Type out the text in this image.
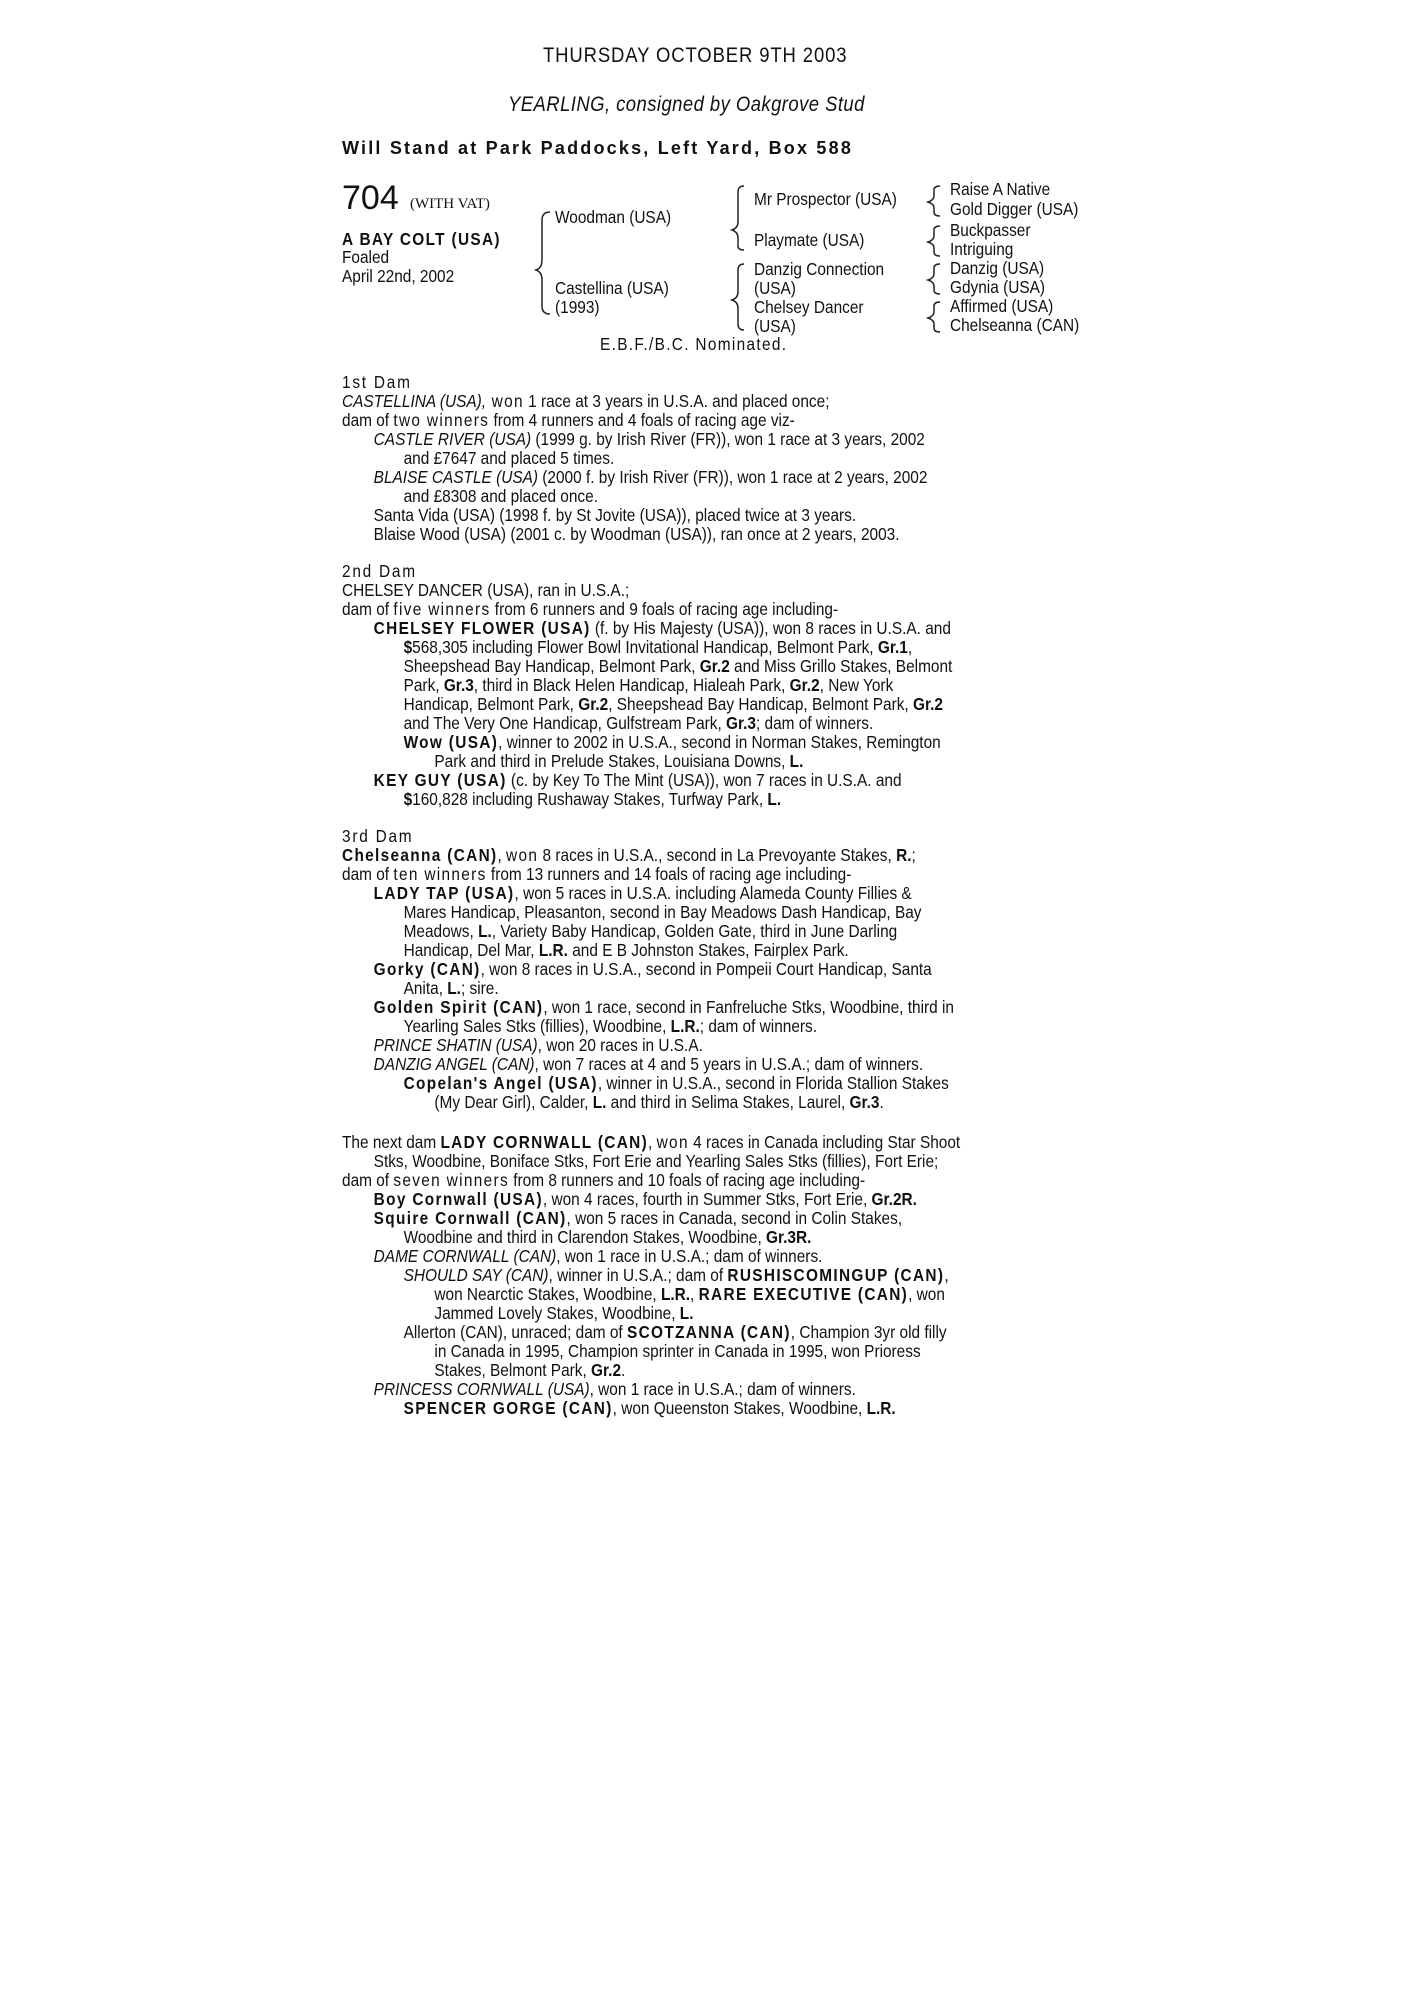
THURSDAY OCTOBER 9TH 2003
YEARLING, consigned by Oakgrove Stud
Will Stand at Park Paddocks, Left Yard, Box 588
704 (WITH VAT)
A BAY COLT (USA)
Foaled
April 22nd, 2002
Woodman (USA)
Castellina (USA)
(1993)
Mr Prospector (USA)
Playmate (USA)
Danzig Connection
(USA)
Chelsey Dancer
(USA)
Raise A Native
Gold Digger (USA)
Buckpasser
Intriguing
Danzig (USA)
Gdynia (USA)
Affirmed (USA)
Chelseanna (CAN)
E.B.F./B.C. Nominated.
1st Dam
CASTELLINA (USA), won 1 race at 3 years in U.S.A. and placed once;
dam of two winners from 4 runners and 4 foals of racing age viz-
CASTLE RIVER (USA) (1999 g. by Irish River (FR)), won 1 race at 3 years, 2002
and £7647 and placed 5 times.
BLAISE CASTLE (USA) (2000 f. by Irish River (FR)), won 1 race at 2 years, 2002
and £8308 and placed once.
Santa Vida (USA) (1998 f. by St Jovite (USA)), placed twice at 3 years.
Blaise Wood (USA) (2001 c. by Woodman (USA)), ran once at 2 years, 2003.
2nd Dam
CHELSEY DANCER (USA), ran in U.S.A.;
dam of five winners from 6 runners and 9 foals of racing age including-
CHELSEY FLOWER (USA) (f. by His Majesty (USA)), won 8 races in U.S.A. and
$568,305 including Flower Bowl Invitational Handicap, Belmont Park, Gr.1,
Sheepshead Bay Handicap, Belmont Park, Gr.2 and Miss Grillo Stakes, Belmont
Park, Gr.3, third in Black Helen Handicap, Hialeah Park, Gr.2, New York
Handicap, Belmont Park, Gr.2, Sheepshead Bay Handicap, Belmont Park, Gr.2
and The Very One Handicap, Gulfstream Park, Gr.3; dam of winners.
Wow (USA), winner to 2002 in U.S.A., second in Norman Stakes, Remington
Park and third in Prelude Stakes, Louisiana Downs, L.
KEY GUY (USA) (c. by Key To The Mint (USA)), won 7 races in U.S.A. and
$160,828 including Rushaway Stakes, Turfway Park, L.
3rd Dam
Chelseanna (CAN), won 8 races in U.S.A., second in La Prevoyante Stakes, R.;
dam of ten winners from 13 runners and 14 foals of racing age including-
LADY TAP (USA), won 5 races in U.S.A. including Alameda County Fillies &
Mares Handicap, Pleasanton, second in Bay Meadows Dash Handicap, Bay
Meadows, L., Variety Baby Handicap, Golden Gate, third in June Darling
Handicap, Del Mar, L.R. and E B Johnston Stakes, Fairplex Park.
Gorky (CAN), won 8 races in U.S.A., second in Pompeii Court Handicap, Santa
Anita, L.; sire.
Golden Spirit (CAN), won 1 race, second in Fanfreluche Stks, Woodbine, third in
Yearling Sales Stks (fillies), Woodbine, L.R.; dam of winners.
PRINCE SHATIN (USA), won 20 races in U.S.A.
DANZIG ANGEL (CAN), won 7 races at 4 and 5 years in U.S.A.; dam of winners.
Copelan's Angel (USA), winner in U.S.A., second in Florida Stallion Stakes
(My Dear Girl), Calder, L. and third in Selima Stakes, Laurel, Gr.3.
The next dam LADY CORNWALL (CAN), won 4 races in Canada including Star Shoot
Stks, Woodbine, Boniface Stks, Fort Erie and Yearling Sales Stks (fillies), Fort Erie;
dam of seven winners from 8 runners and 10 foals of racing age including-
Boy Cornwall (USA), won 4 races, fourth in Summer Stks, Fort Erie, Gr.2R.
Squire Cornwall (CAN), won 5 races in Canada, second in Colin Stakes,
Woodbine and third in Clarendon Stakes, Woodbine, Gr.3R.
DAME CORNWALL (CAN), won 1 race in U.S.A.; dam of winners.
SHOULD SAY (CAN), winner in U.S.A.; dam of RUSHISCOMINGUP (CAN),
won Nearctic Stakes, Woodbine, L.R., RARE EXECUTIVE (CAN), won
Jammed Lovely Stakes, Woodbine, L.
Allerton (CAN), unraced; dam of SCOTZANNA (CAN), Champion 3yr old filly
in Canada in 1995, Champion sprinter in Canada in 1995, won Prioress
Stakes, Belmont Park, Gr.2.
PRINCESS CORNWALL (USA), won 1 race in U.S.A.; dam of winners.
SPENCER GORGE (CAN), won Queenston Stakes, Woodbine, L.R.
